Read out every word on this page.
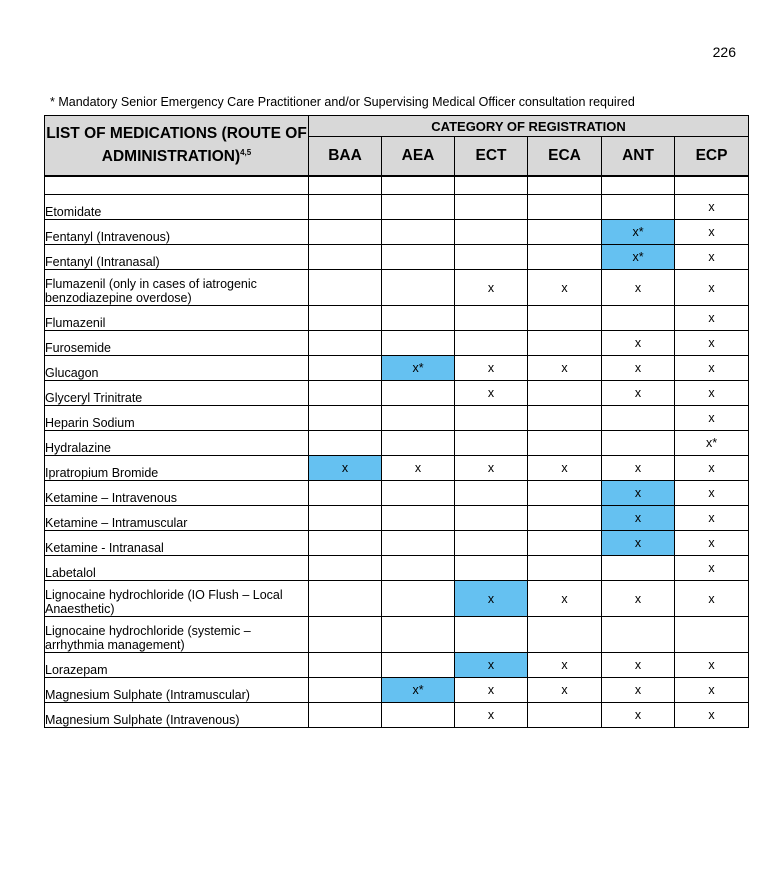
226
* Mandatory Senior Emergency Care Practitioner and/or Supervising Medical Officer consultation required
LIST OF MEDICATIONS (ROUTE OF ADMINISTRATION)$^{4,5}$	CATEGORY OF REGISTRATION					
	BAA	AEA	ECT	ECA	ANT	ECP

Etomidate						x
Fentanyl (Intravenous)					x*	x
Fentanyl (Intranasal)					x*	x
Flumazenil (only in cases of iatrogenic benzodiazepine overdose)			x	x	x	x
Flumazenil						x
Furosemide					x	x
Glucagon		x*	x	x	x	x
Glyceryl Trinitrate			x		x	x
Heparin Sodium						x
Hydralazine						x*
Ipratropium Bromide	x	x	x	x	x	x
Ketamine – Intravenous					x	x
Ketamine – Intramuscular					x	x
Ketamine - Intranasal					x	x
Labetalol						x
Lignocaine hydrochloride (IO Flush – Local Anaesthetic)			x	x	x	x
Lignocaine hydrochloride (systemic – arrhythmia management)						
Lorazepam			x	x	x	x
Magnesium Sulphate (Intramuscular)		x*	x	x	x	x
Magnesium Sulphate (Intravenous)			x		x	x
